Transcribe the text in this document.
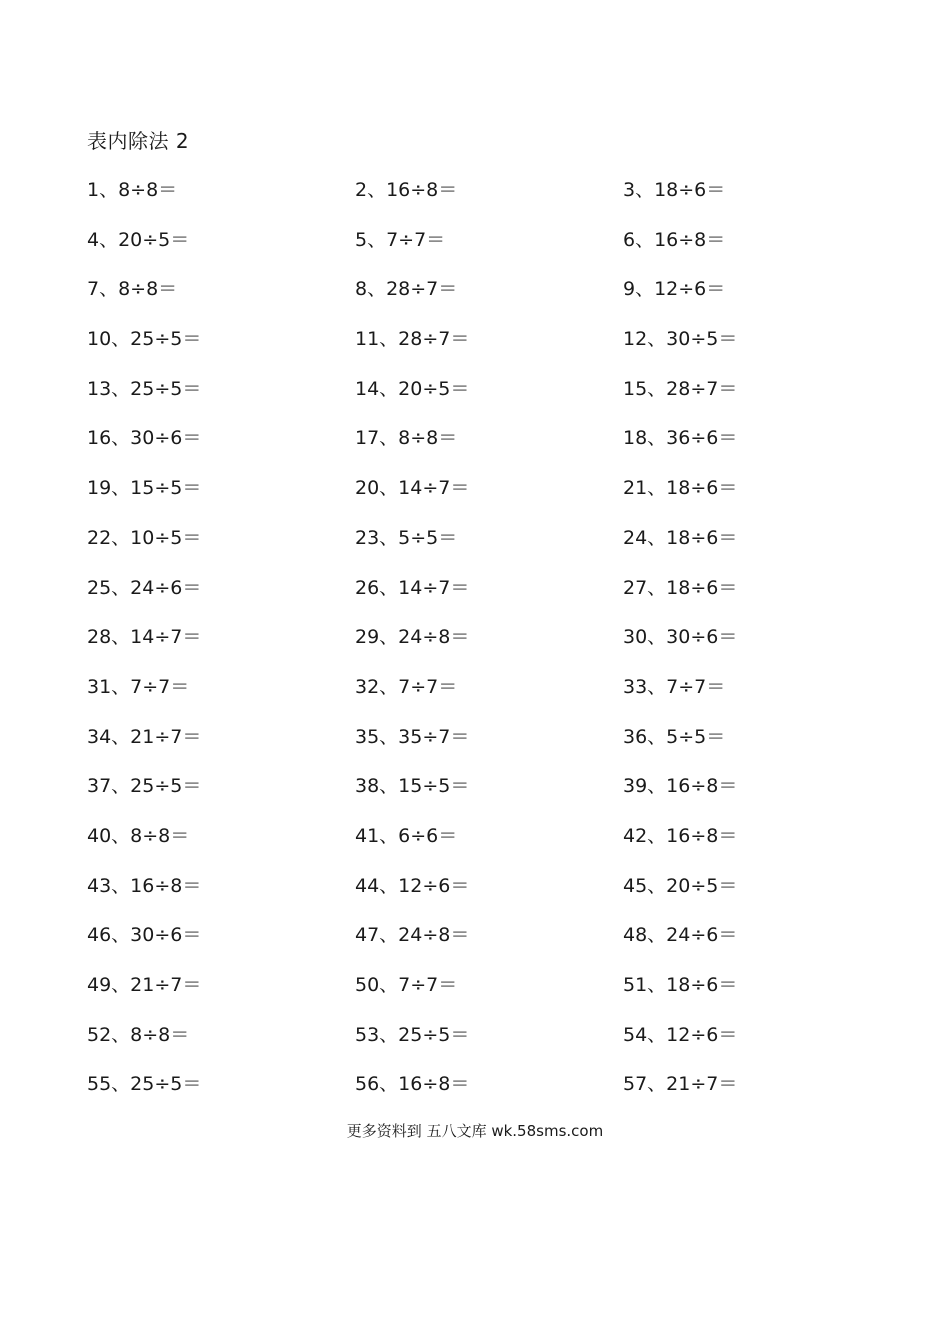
表内除法 2
1、8÷8＝	2、16÷8＝	3、18÷6＝
4、20÷5＝	5、7÷7＝	6、16÷8＝
7、8÷8＝	8、28÷7＝	9、12÷6＝
10、25÷5＝	11、28÷7＝	12、30÷5＝
13、25÷5＝	14、20÷5＝	15、28÷7＝
16、30÷6＝	17、8÷8＝	18、36÷6＝
19、15÷5＝	20、14÷7＝	21、18÷6＝
22、10÷5＝	23、5÷5＝	24、18÷6＝
25、24÷6＝	26、14÷7＝	27、18÷6＝
28、14÷7＝	29、24÷8＝	30、30÷6＝
31、7÷7＝	32、7÷7＝	33、7÷7＝
34、21÷7＝	35、35÷7＝	36、5÷5＝
37、25÷5＝	38、15÷5＝	39、16÷8＝
40、8÷8＝	41、6÷6＝	42、16÷8＝
43、16÷8＝	44、12÷6＝	45、20÷5＝
46、30÷6＝	47、24÷8＝	48、24÷6＝
49、21÷7＝	50、7÷7＝	51、18÷6＝
52、8÷8＝	53、25÷5＝	54、12÷6＝
55、25÷5＝	56、16÷8＝	57、21÷7＝
更多资料到 五八文库 wk.58sms.com
